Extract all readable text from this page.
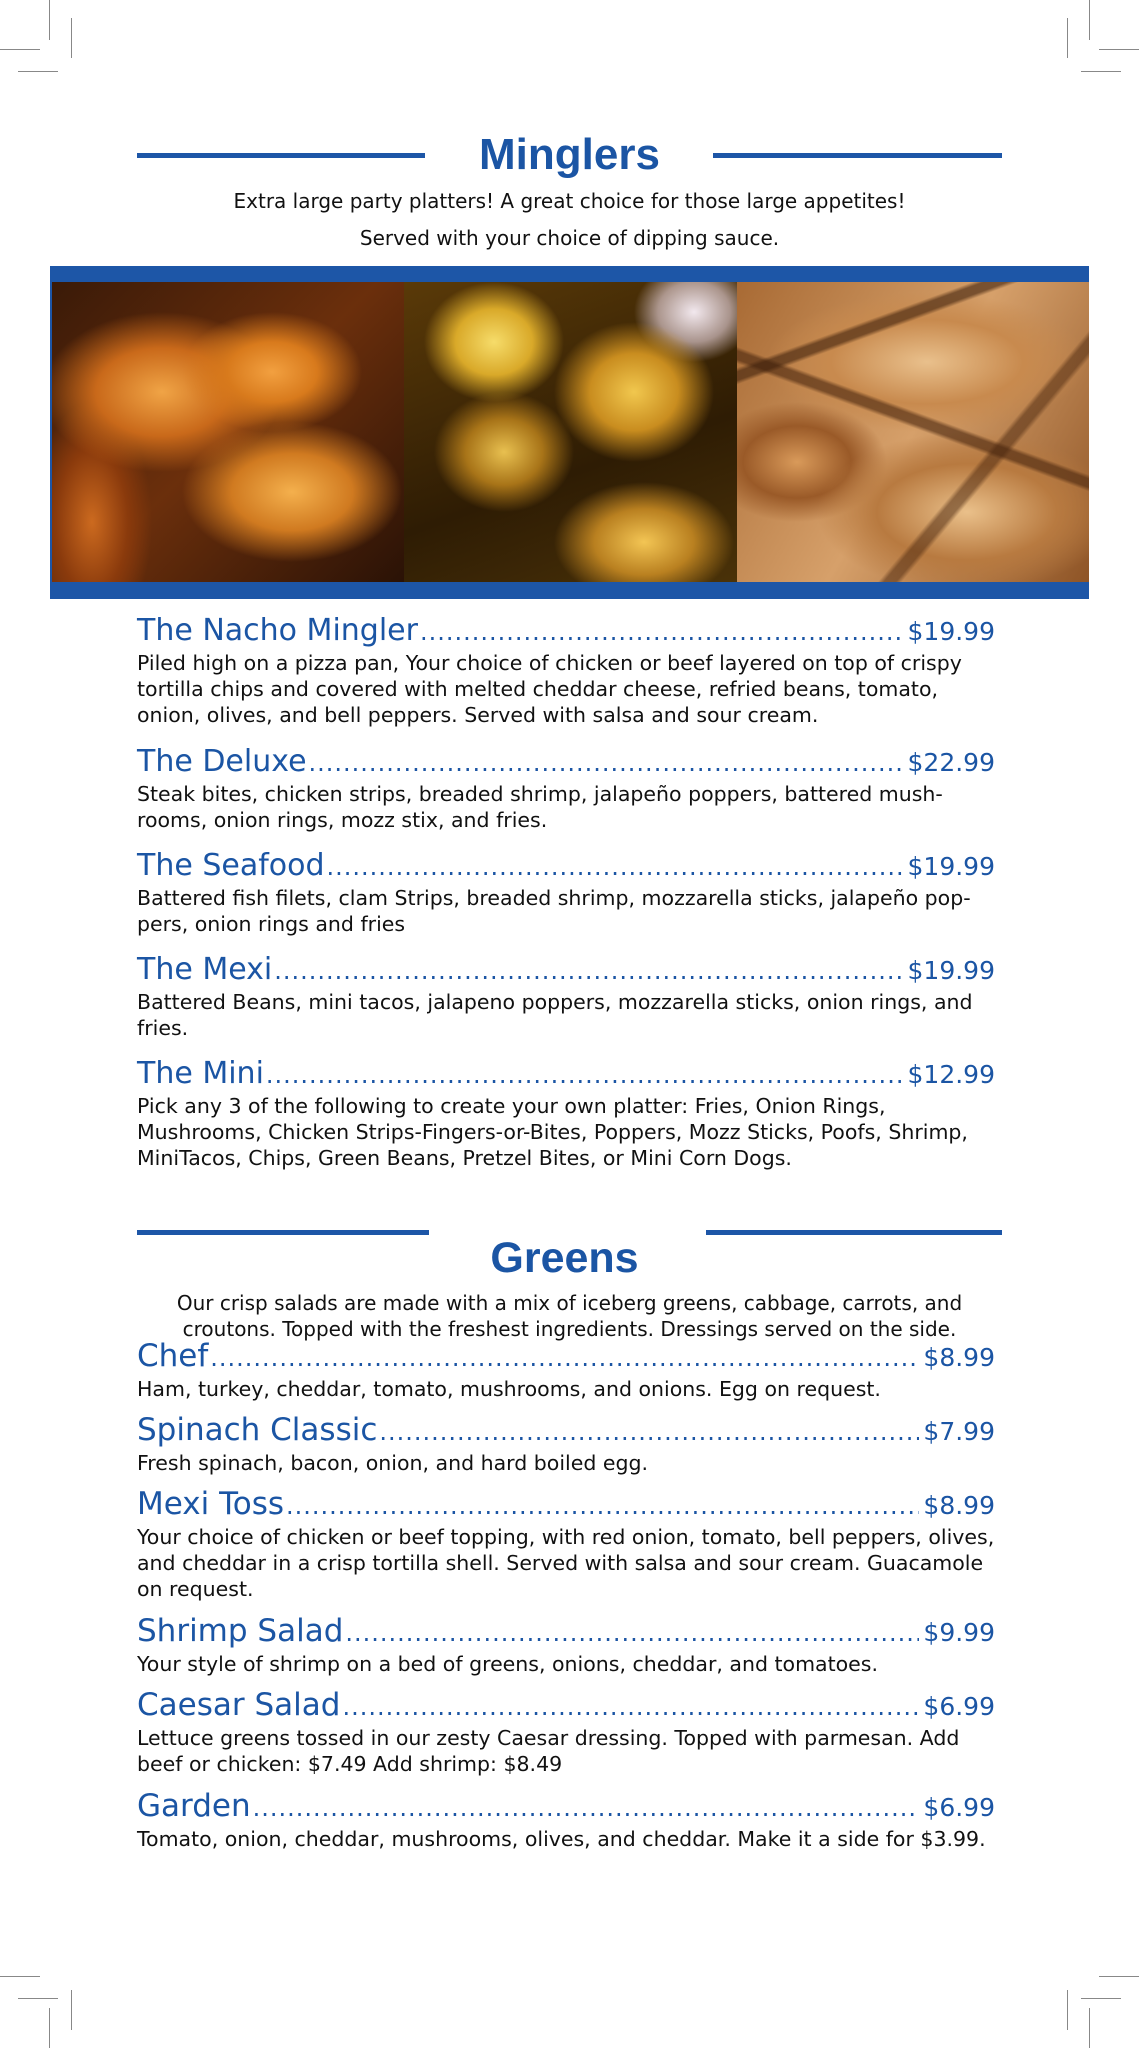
Minglers

Extra large party platters! A great choice for those large appetites!

Served with your choice of dipping sauce.

The Nacho Mingler .....	$19.99

Piled high on a pizza pan, Your choice of chicken or beef layered on top of crispy tortilla chips and covered with melted cheddar cheese, refried beans, tomato, onion, olives, and bell peppers. Served with salsa and sour cream.

The Deluxe .....	$22.99

Steak bites, chicken strips, breaded shrimp, jalapeño poppers, battered mush-rooms, onion rings, mozz stix, and fries.

The Seafood .....	$19.99

Battered fish filets, clam Strips, breaded shrimp, mozzarella sticks, jalapeño pop-pers, onion rings and fries

The Mexi .....	$19.99

Battered Beans, mini tacos, jalapeno poppers, mozzarella sticks, onion rings, and fries.

The Mini .....	$12.99

Pick any 3 of the following to create your own platter: Fries, Onion Rings, Mushrooms, Chicken Strips-Fingers-or-Bites, Poppers, Mozz Sticks, Poofs, Shrimp, MiniTacos, Chips, Green Beans, Pretzel Bites, or Mini Corn Dogs.

Greens

Our crisp salads are made with a mix of iceberg greens, cabbage, carrots, and croutons. Topped with the freshest ingredients. Dressings served on the side.

Chef .....	$8.99

Ham, turkey, cheddar, tomato, mushrooms, and onions. Egg on request.

Spinach Classic .....	$7.99

Fresh spinach, bacon, onion, and hard boiled egg.

Mexi Toss .....	$8.99

Your choice of chicken or beef topping, with red onion, tomato, bell peppers, olives, and cheddar in a crisp tortilla shell. Served with salsa and sour cream. Guacamole on request.

Shrimp Salad .....	$9.99

Your style of shrimp on a bed of greens, onions, cheddar, and tomatoes.

Caesar Salad .....	$6.99

Lettuce greens tossed in our zesty Caesar dressing. Topped with parmesan. Add beef or chicken: $7.49 Add shrimp: $8.49

Garden .....	$6.99

Tomato, onion, cheddar, mushrooms, olives, and cheddar. Make it a side for $3.99.
